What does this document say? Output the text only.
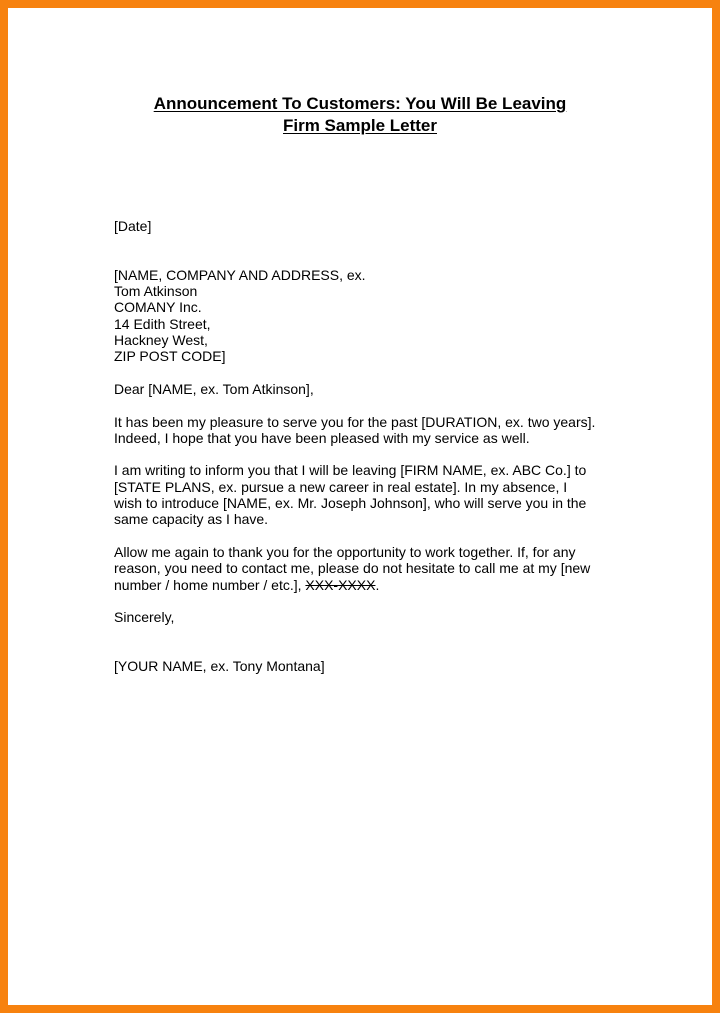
Announcement To Customers: You Will Be Leaving
Firm Sample Letter
[Date]
[NAME, COMPANY AND ADDRESS, ex.
Tom Atkinson
COMANY Inc.
14 Edith Street,
Hackney West,
ZIP POST CODE]
Dear [NAME, ex. Tom Atkinson],
It has been my pleasure to serve you for the past [DURATION, ex. two years].
Indeed, I hope that you have been pleased with my service as well.
I am writing to inform you that I will be leaving [FIRM NAME, ex. ABC Co.] to
[STATE PLANS, ex. pursue a new career in real estate]. In my absence, I
wish to introduce [NAME, ex. Mr. Joseph Johnson], who will serve you in the
same capacity as I have.
Allow me again to thank you for the opportunity to work together. If, for any
reason, you need to contact me, please do not hesitate to call me at my [new
number / home number / etc.], XXX-XXXX.
Sincerely,
[YOUR NAME, ex. Tony Montana]
